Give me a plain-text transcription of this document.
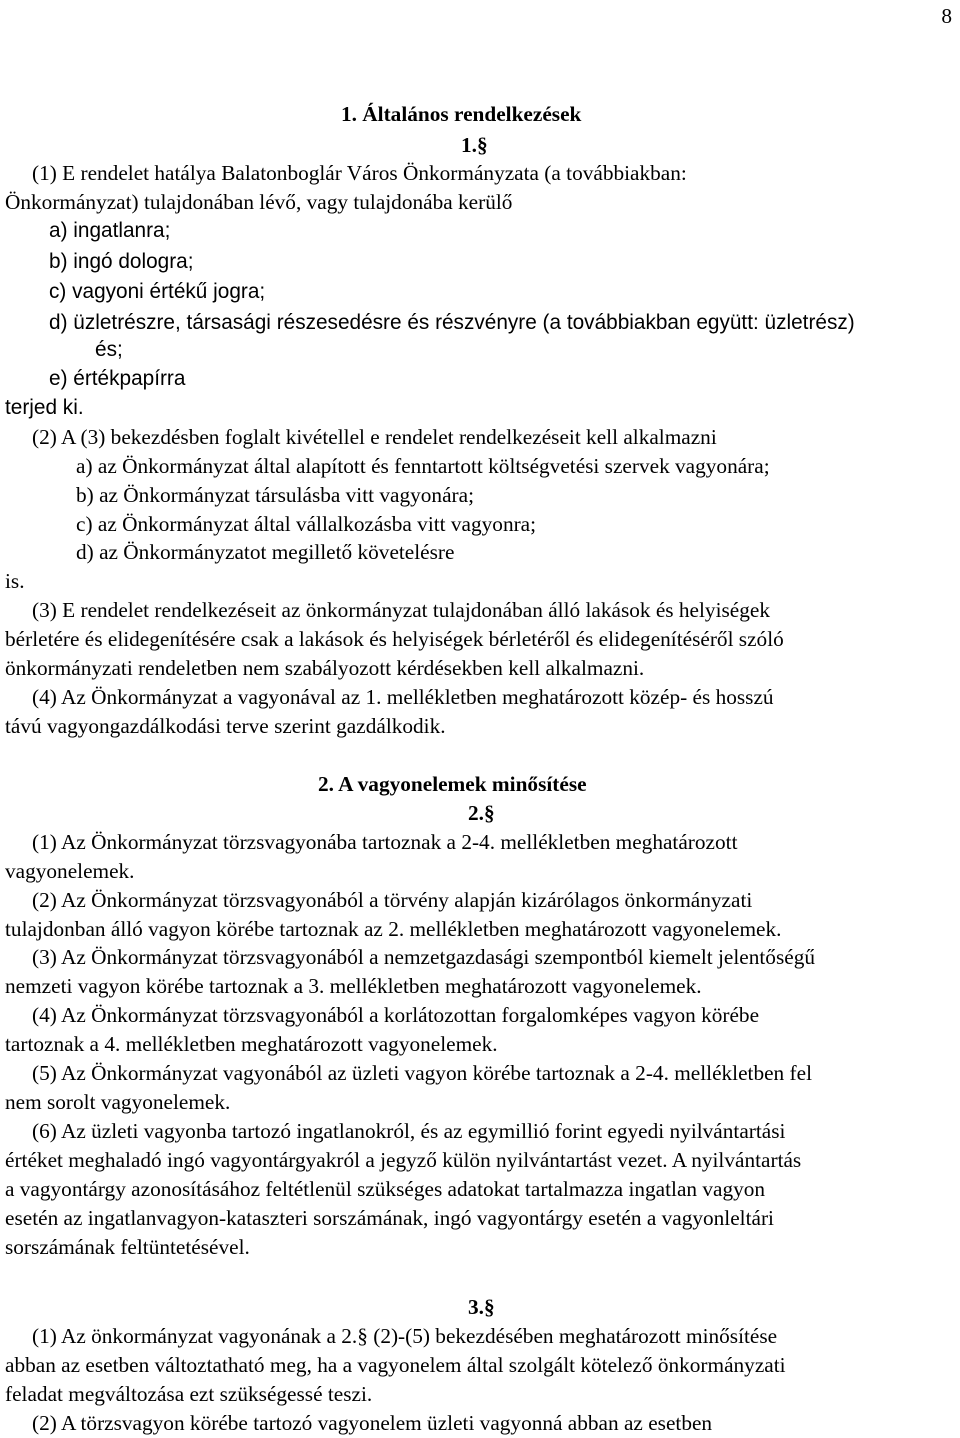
8
1. Általános rendelkezések
1.§
(1) E rendelet hatálya Balatonboglár Város Önkormányzata (a továbbiakban:
Önkormányzat) tulajdonában lévő, vagy tulajdonába kerülő
a) ingatlanra;
b) ingó dologra;
c) vagyoni értékű jogra;
d) üzletrészre, társasági részesedésre és részvényre (a továbbiakban együtt: üzletrész)
és;
e) értékpapírra
terjed ki.
(2) A (3) bekezdésben foglalt kivétellel e rendelet rendelkezéseit kell alkalmazni
a) az Önkormányzat által alapított és fenntartott költségvetési szervek vagyonára;
b) az Önkormányzat társulásba vitt vagyonára;
c) az Önkormányzat által vállalkozásba vitt vagyonra;
d) az Önkormányzatot megillető követelésre
is.
(3) E rendelet rendelkezéseit az önkormányzat tulajdonában álló lakások és helyiségek
bérletére és elidegenítésére csak a lakások és helyiségek bérletéről és elidegenítéséről szóló
önkormányzati rendeletben nem szabályozott kérdésekben kell alkalmazni.
(4) Az Önkormányzat a vagyonával az 1. mellékletben meghatározott közép- és hosszú
távú vagyongazdálkodási terve szerint gazdálkodik.
2. A vagyonelemek minősítése
2.§
(1) Az Önkormányzat törzsvagyonába tartoznak a 2-4. mellékletben meghatározott
vagyonelemek.
(2) Az Önkormányzat törzsvagyonából a törvény alapján kizárólagos önkormányzati
tulajdonban álló vagyon körébe tartoznak az 2. mellékletben meghatározott vagyonelemek.
(3) Az Önkormányzat törzsvagyonából a nemzetgazdasági szempontból kiemelt jelentőségű
nemzeti vagyon körébe tartoznak a 3. mellékletben meghatározott vagyonelemek.
(4) Az Önkormányzat törzsvagyonából a korlátozottan forgalomképes vagyon körébe
tartoznak a 4. mellékletben meghatározott vagyonelemek.
(5) Az Önkormányzat vagyonából az üzleti vagyon körébe tartoznak a 2-4. mellékletben fel
nem sorolt vagyonelemek.
(6) Az üzleti vagyonba tartozó ingatlanokról, és az egymillió forint egyedi nyilvántartási
értéket meghaladó ingó vagyontárgyakról a jegyző külön nyilvántartást vezet. A nyilvántartás
a vagyontárgy azonosításához feltétlenül szükséges adatokat tartalmazza ingatlan vagyon
esetén az ingatlanvagyon-kataszteri sorszámának, ingó vagyontárgy esetén a vagyonleltári
sorszámának feltüntetésével.
3.§
(1) Az önkormányzat vagyonának a 2.§ (2)-(5) bekezdésében meghatározott minősítése
abban az esetben változtatható meg, ha a vagyonelem által szolgált kötelező önkormányzati
feladat megváltozása ezt szükségessé teszi.
(2) A törzsvagyon körébe tartozó vagyonelem üzleti vagyonná abban az esetben
